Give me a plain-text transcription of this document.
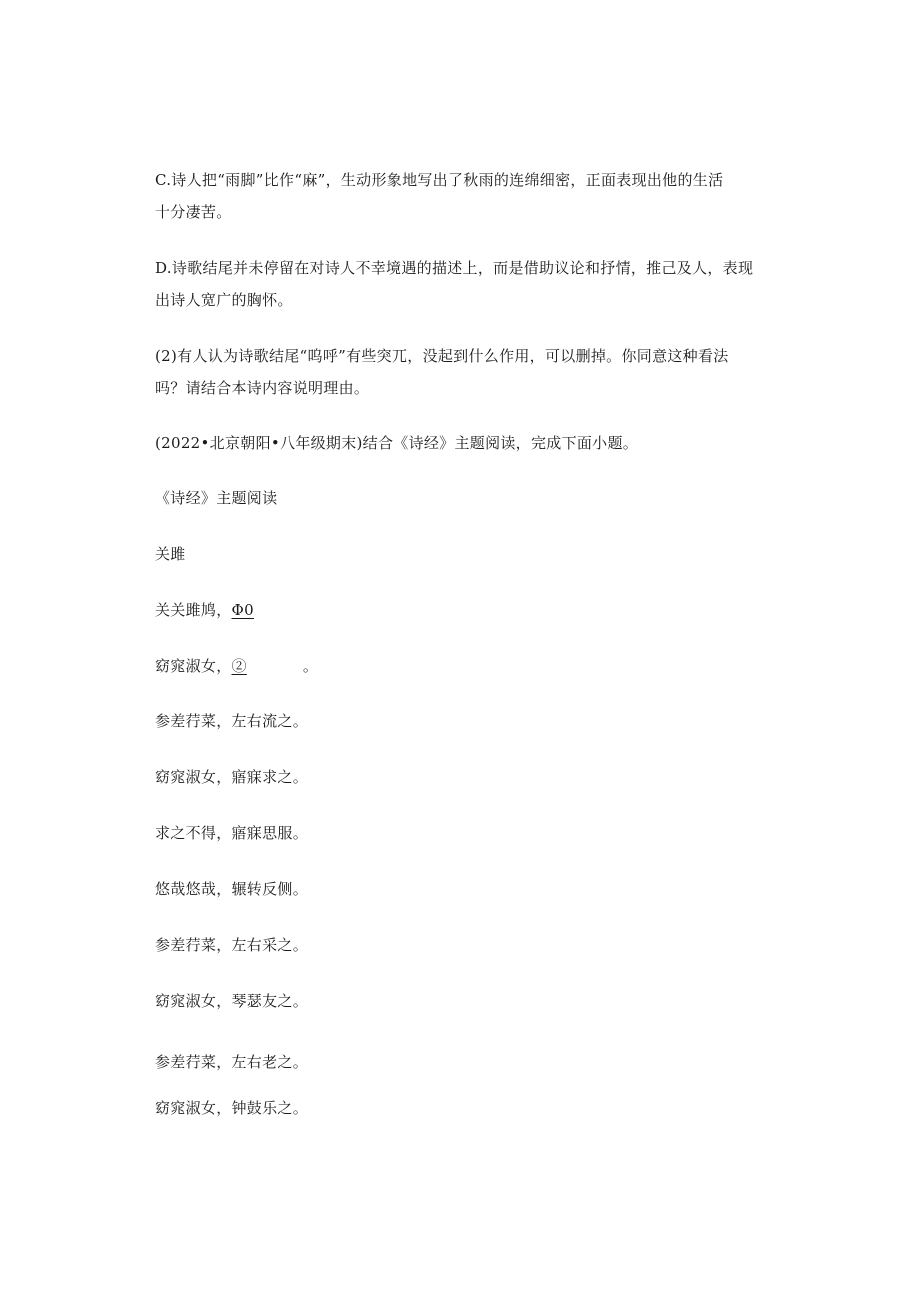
C.诗人把“雨脚”比作“麻”，生动形象地写出了秋雨的连绵细密，正面表现出他的生活
十分凄苦。
D.诗歌结尾并未停留在对诗人不幸境遇的描述上，而是借助议论和抒情，推己及人，表现
出诗人宽广的胸怀。
(2)有人认为诗歌结尾“呜呼”有些突兀，没起到什么作用，可以删掉。你同意这种看法
吗？请结合本诗内容说明理由。
(2022•北京朝阳•八年级期末)结合《诗经》主题阅读，完成下面小题。
《诗经》主题阅读
关雎
关关雎鸠，Φ0
窈窕淑女，②	。
参差荇菜，左右流之。
窈窕淑女，寤寐求之。
求之不得，寤寐思服。
悠哉悠哉，辗转反侧。
参差荇菜，左右采之。
窈窕淑女，琴瑟友之。
参差荇菜，左右老之。
窈窕淑女，钟鼓乐之。
